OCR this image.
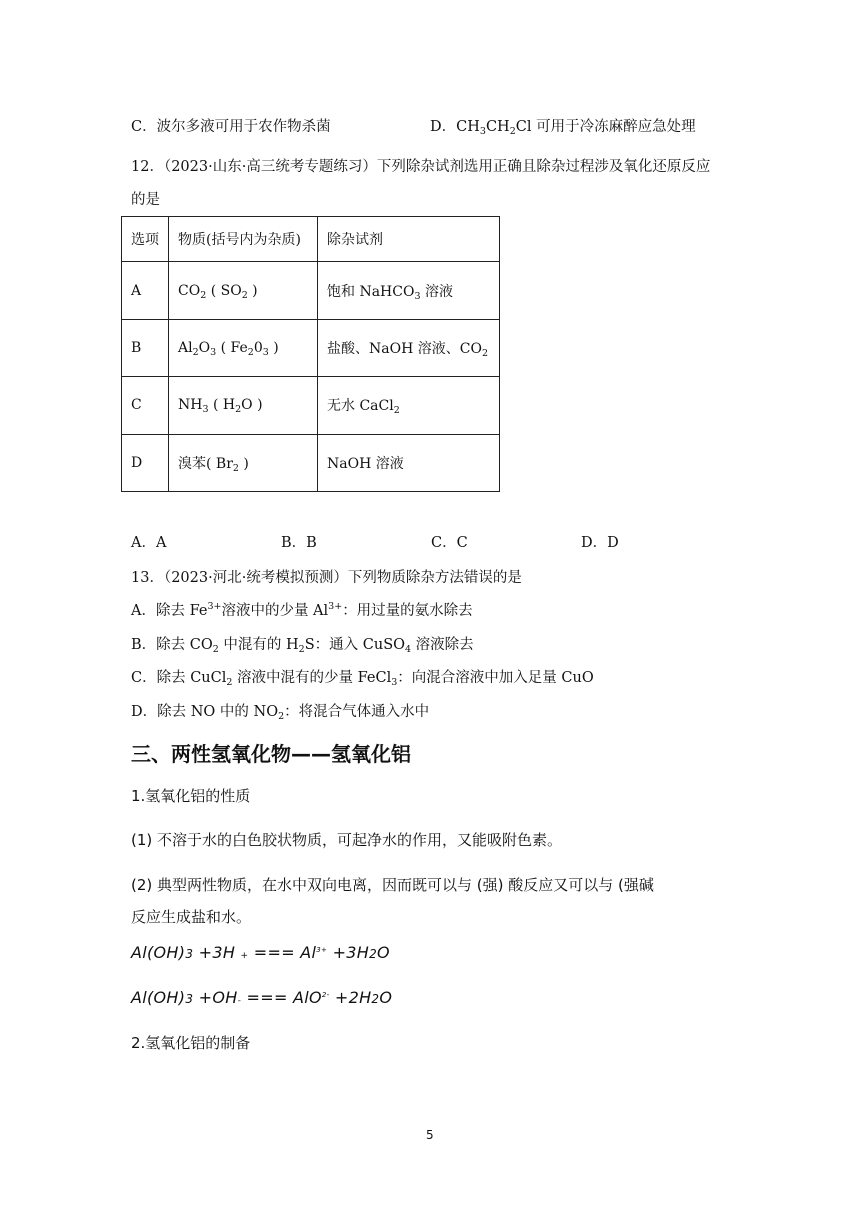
C．波尔多液可用于农作物杀菌	D．$CH_3CH_2Cl$ 可用于冷冻麻醉应急处理
12．（2023·山东·高三统考专题练习）下列除杂试剂选用正确且除杂过程涉及氧化还原反应
的是
选项	物质(括号内为杂质)	除杂试剂
A	$CO_2$ ( $SO_2$ )	饱和 NaHCO$_3$ 溶液
B	$Al_2O_3$ ( $Fe_20_3$ )	盐酸、NaOH 溶液、$CO_2$
C	$NH_3$ ( $H_2O$ )	无水 CaCl$_2$
D	溴苯( $Br_2$ )	NaOH 溶液
A．A	B．B	C．C	D．D
13．（2023·河北·统考模拟预测）下列物质除杂方法错误的是
A．除去 $Fe^{3+}$溶液中的少量 $Al^{3+}$：用过量的氨水除去
B．除去 $CO_2$ 中混有的 $H_2S$：通入 CuSO$_4$ 溶液除去
C．除去 CuCl$_2$ 溶液中混有的少量 FeCl$_3$：向混合溶液中加入足量 CuO
D．除去 NO 中的 $NO_2$：将混合气体通入水中
三、两性氢氧化物——氢氧化铝
1.氢氧化铝的性质
(1) 不溶于水的白色胶状物质，可起净水的作用，又能吸附色素。
(2) 典型两性物质，在水中双向电离，因而既可以与 (强) 酸反应又可以与 (强碱
反应生成盐和水。
Al(OH)3 +3H + === $Al^{3+} +3H2O$
Al(OH)3 +OH- === AlO$^{2-}$ +2H2O
2.氢氧化铝的制备
5
